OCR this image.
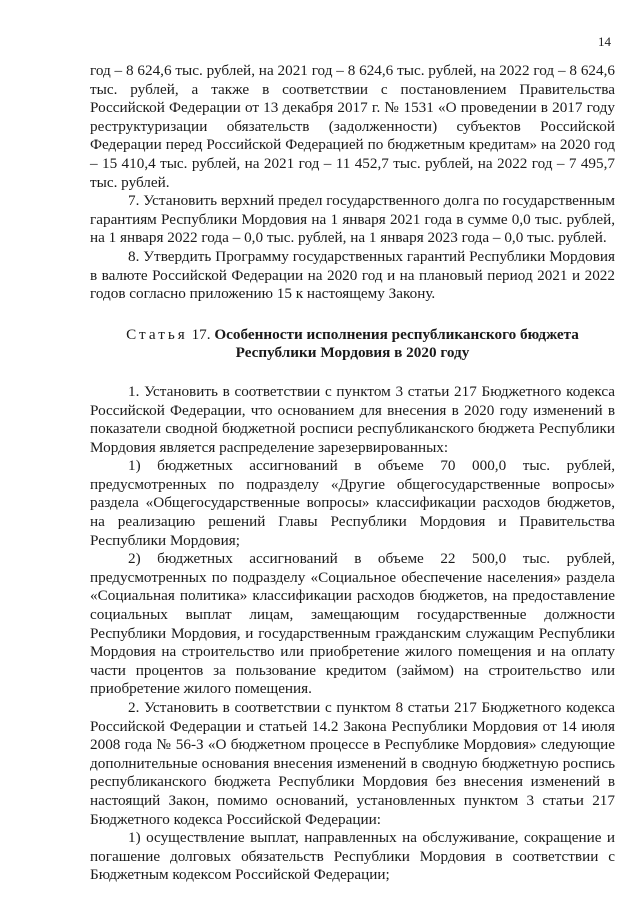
14

год – 8 624,6 тыс. рублей, на 2021 год – 8 624,6 тыс. рублей, на 2022 год – 8 624,6 тыс. рублей, а также в соответствии с постановлением Правительства Российской Федерации от 13 декабря 2017 г. № 1531 «О проведении в 2017 году реструктуризации обязательств (задолженности) субъектов Российской Федерации перед Российской Федерацией по бюджетным кредитам» на 2020 год – 15 410,4 тыс. рублей, на 2021 год – 11 452,7 тыс. рублей, на 2022 год – 7 495,7 тыс. рублей.

7. Установить верхний предел государственного долга по государственным гарантиям Республики Мордовия на 1 января 2021 года в сумме 0,0 тыс. рублей, на 1 января 2022 года – 0,0 тыс. рублей, на 1 января 2023 года – 0,0 тыс. рублей.

8. Утвердить Программу государственных гарантий Республики Мордовия в валюте Российской Федерации на 2020 год и на плановый период 2021 и 2022 годов согласно приложению 15 к настоящему Закону.

Статья 17. Особенности исполнения республиканского бюджета Республики Мордовия в 2020 году

1. Установить в соответствии с пунктом 3 статьи 217 Бюджетного кодекса Российской Федерации, что основанием для внесения в 2020 году изменений в показатели сводной бюджетной росписи республиканского бюджета Республики Мордовия является распределение зарезервированных:

1) бюджетных ассигнований в объеме 70 000,0 тыс. рублей, предусмотренных по подразделу «Другие общегосударственные вопросы» раздела «Общегосударственные вопросы» классификации расходов бюджетов, на реализацию решений Главы Республики Мордовия и Правительства Республики Мордовия;

2) бюджетных ассигнований в объеме 22 500,0 тыс. рублей, предусмотренных по подразделу «Социальное обеспечение населения» раздела «Социальная политика» классификации расходов бюджетов, на предоставление социальных выплат лицам, замещающим государственные должности Республики Мордовия, и государственным гражданским служащим Республики Мордовия на строительство или приобретение жилого помещения и на оплату части процентов за пользование кредитом (займом) на строительство или приобретение жилого помещения.

2. Установить в соответствии с пунктом 8 статьи 217 Бюджетного кодекса Российской Федерации и статьей 14.2 Закона Республики Мордовия от 14 июля 2008 года № 56-З «О бюджетном процессе в Республике Мордовия» следующие дополнительные основания внесения изменений в сводную бюджетную роспись республиканского бюджета Республики Мордовия без внесения изменений в настоящий Закон, помимо оснований, установленных пунктом 3 статьи 217 Бюджетного кодекса Российской Федерации:

1) осуществление выплат, направленных на обслуживание, сокращение и погашение долговых обязательств Республики Мордовия в соответствии с Бюджетным кодексом Российской Федерации;
